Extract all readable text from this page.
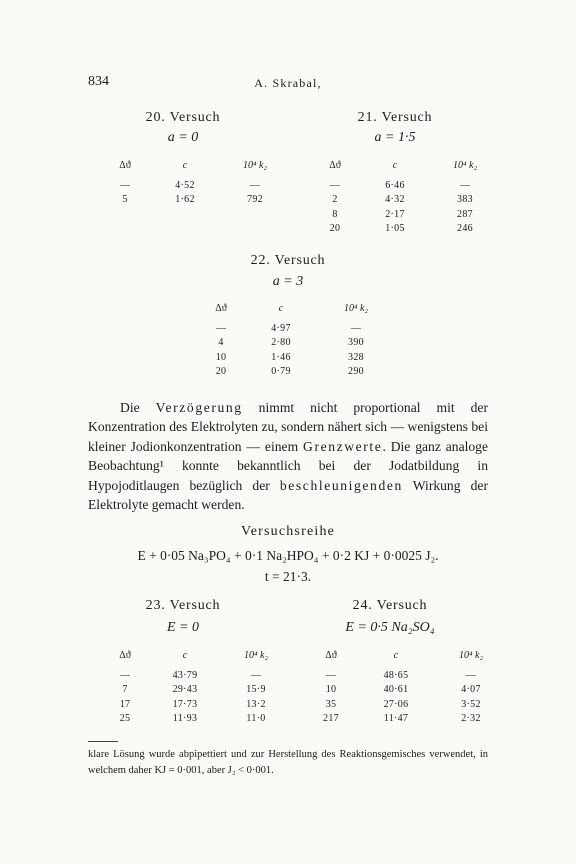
834	A. Skrabal,
20. Versuch
a = 0
Δϑ	c	10⁴ k₂
—	4·52	—
5	1·62	792
21. Versuch
a = 1·5
Δϑ	c	10⁴ k₂
—	6·46	—
2	4·32	383
8	2·17	287
20	1·05	246
22. Versuch
a = 3
Δϑ	c	10⁴ k₂
—	4·97	—
4	2·80	390
10	1·46	328
20	0·79	290
Die Verzögerung nimmt nicht proportional mit der Konzentration des Elektrolyten zu, sondern nähert sich — wenigstens bei kleiner Jodionkonzentration — einem Grenzwerte. Die ganz analoge Beobachtung¹ konnte bekanntlich bei der Jodatbildung in Hypojoditlaugen bezüglich der beschleunigenden Wirkung der Elektrolyte gemacht werden.
Versuchsreihe
E + 0·05 Na₃PO₄ + 0·1 Na₂HPO₄ + 0·2 KJ + 0·0025 J₂.
t = 21·3.
23. Versuch
E = 0
Δϑ	c	10⁴ k₂
—	43·79	—
7	29·43	15·9
17	17·73	13·2
25	11·93	11·0
24. Versuch
E = 0·5 Na₂SO₄
Δϑ	c	10⁴ k₂
—	48·65	—
10	40·61	4·07
35	27·06	3·52
217	11·47	2·32
klare Lösung wurde abpipettiert und zur Herstellung des Reaktionsgemisches verwendet, in welchem daher KJ = 0·001, aber J₂ < 0·001.
